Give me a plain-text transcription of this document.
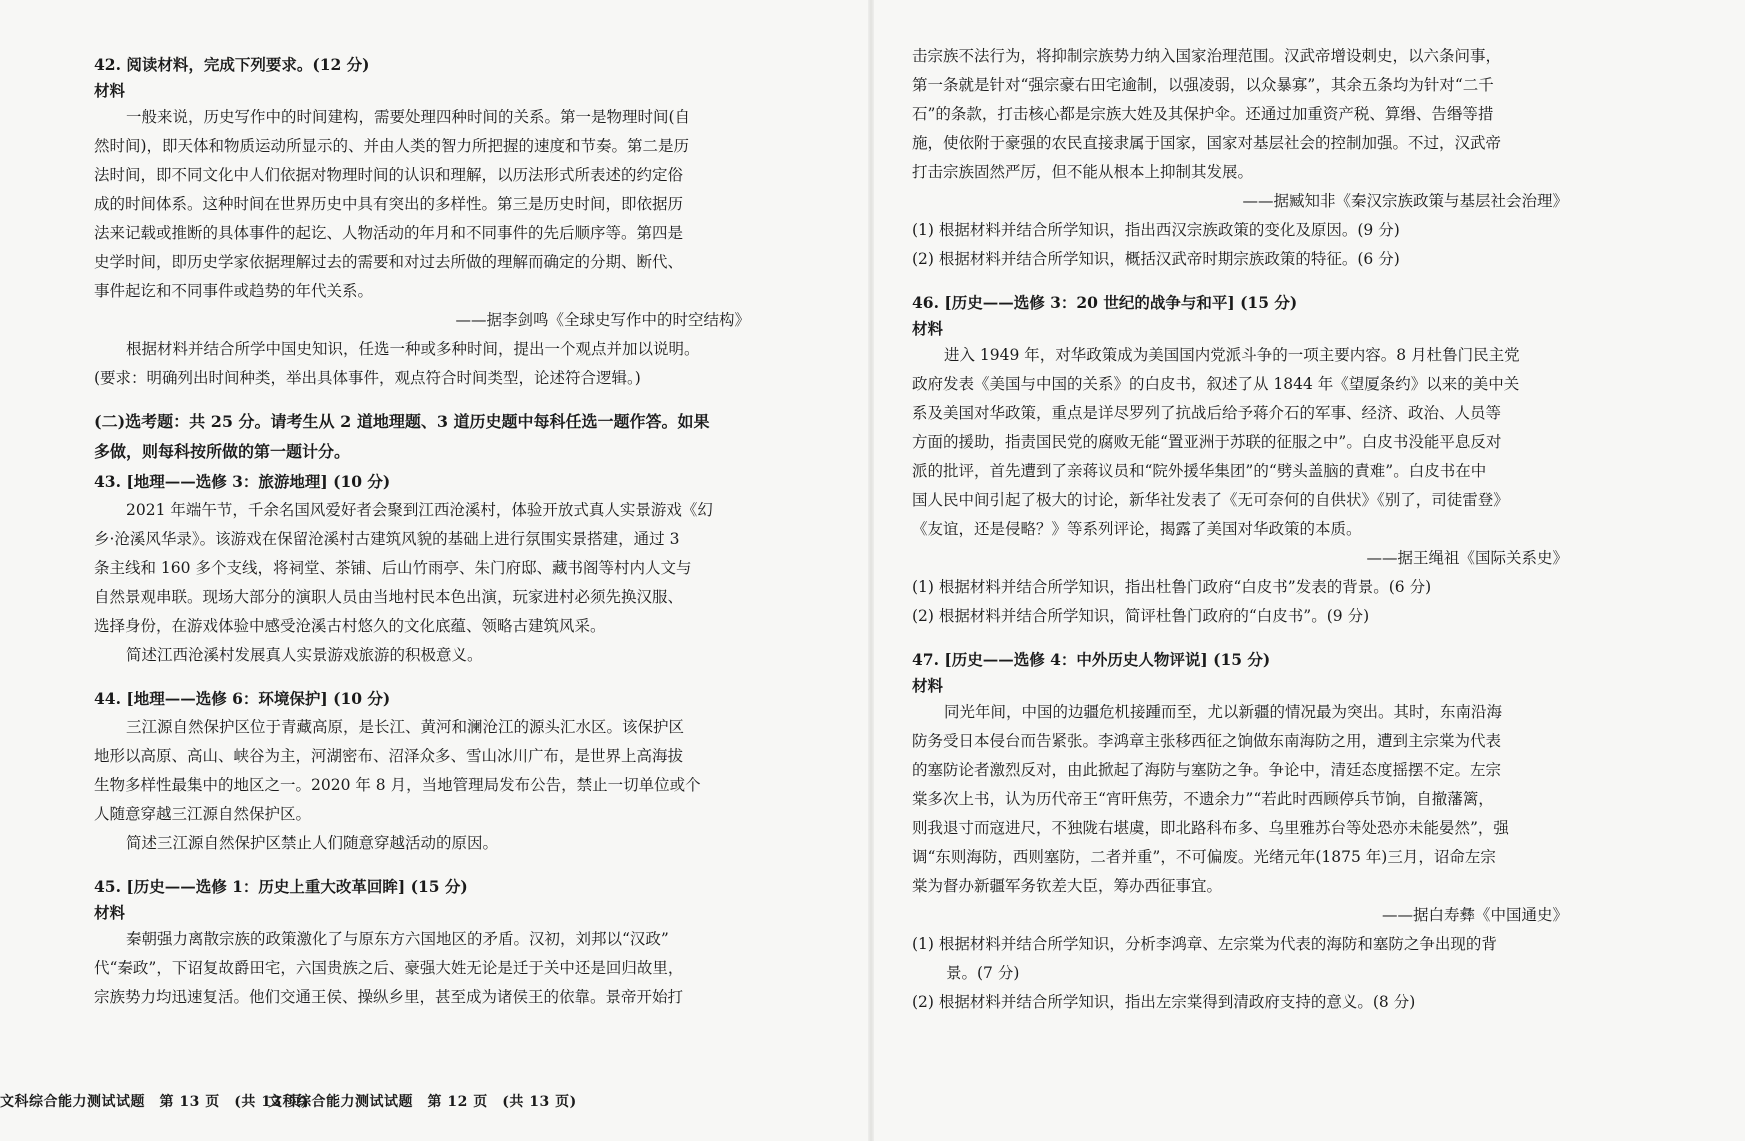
42. 阅读材料，完成下列要求。(12 分)
材料
一般来说，历史写作中的时间建构，需要处理四种时间的关系。第一是物理时间(自
然时间)，即天体和物质运动所显示的、并由人类的智力所把握的速度和节奏。第二是历
法时间，即不同文化中人们依据对物理时间的认识和理解，以历法形式所表述的约定俗
成的时间体系。这种时间在世界历史中具有突出的多样性。第三是历史时间，即依据历
法来记载或推断的具体事件的起讫、人物活动的年月和不同事件的先后顺序等。第四是
史学时间，即历史学家依据理解过去的需要和对过去所做的理解而确定的分期、断代、
事件起讫和不同事件或趋势的年代关系。
——据李剑鸣《全球史写作中的时空结构》
根据材料并结合所学中国史知识，任选一种或多种时间，提出一个观点并加以说明。
(要求：明确列出时间种类，举出具体事件，观点符合时间类型，论述符合逻辑。)
(二)选考题：共 25 分。请考生从 2 道地理题、3 道历史题中每科任选一题作答。如果
多做，则每科按所做的第一题计分。
43. [地理——选修 3：旅游地理] (10 分)
2021 年端午节，千余名国风爱好者会聚到江西沧溪村，体验开放式真人实景游戏《幻
乡·沧溪风华录》。该游戏在保留沧溪村古建筑风貌的基础上进行氛围实景搭建，通过 3
条主线和 160 多个支线，将祠堂、茶铺、后山竹雨亭、朱门府邸、藏书阁等村内人文与
自然景观串联。现场大部分的演职人员由当地村民本色出演，玩家进村必须先换汉服、
选择身份，在游戏体验中感受沧溪古村悠久的文化底蕴、领略古建筑风采。
简述江西沧溪村发展真人实景游戏旅游的积极意义。
44. [地理——选修 6：环境保护] (10 分)
三江源自然保护区位于青藏高原，是长江、黄河和澜沧江的源头汇水区。该保护区
地形以高原、高山、峡谷为主，河湖密布、沼泽众多、雪山冰川广布，是世界上高海拔
生物多样性最集中的地区之一。2020 年 8 月，当地管理局发布公告，禁止一切单位或个
人随意穿越三江源自然保护区。
简述三江源自然保护区禁止人们随意穿越活动的原因。
45. [历史——选修 1：历史上重大改革回眸] (15 分)
材料
秦朝强力离散宗族的政策激化了与原东方六国地区的矛盾。汉初，刘邦以“汉政”
代“秦政”，下诏复故爵田宅，六国贵族之后、豪强大姓无论是迁于关中还是回归故里，
宗族势力均迅速复活。他们交通王侯、操纵乡里，甚至成为诸侯王的依靠。景帝开始打
文科综合能力测试试题　第 12 页　(共 13 页)
击宗族不法行为，将抑制宗族势力纳入国家治理范围。汉武帝增设刺史，以六条问事，
第一条就是针对“强宗豪右田宅逾制，以强凌弱，以众暴寡”，其余五条均为针对“二千
石”的条款，打击核心都是宗族大姓及其保护伞。还通过加重资产税、算缗、告缗等措
施，使依附于豪强的农民直接隶属于国家，国家对基层社会的控制加强。不过，汉武帝
打击宗族固然严厉，但不能从根本上抑制其发展。
——据臧知非《秦汉宗族政策与基层社会治理》
(1) 根据材料并结合所学知识，指出西汉宗族政策的变化及原因。(9 分)
(2) 根据材料并结合所学知识，概括汉武帝时期宗族政策的特征。(6 分)
46. [历史——选修 3：20 世纪的战争与和平] (15 分)
材料
进入 1949 年，对华政策成为美国国内党派斗争的一项主要内容。8 月杜鲁门民主党
政府发表《美国与中国的关系》的白皮书，叙述了从 1844 年《望厦条约》以来的美中关
系及美国对华政策，重点是详尽罗列了抗战后给予蒋介石的军事、经济、政治、人员等
方面的援助，指责国民党的腐败无能“置亚洲于苏联的征服之中”。白皮书没能平息反对
派的批评，首先遭到了亲蒋议员和“院外援华集团”的“劈头盖脑的責难”。白皮书在中
国人民中间引起了极大的讨论，新华社发表了《无可奈何的自供状》《别了，司徒雷登》
《友谊，还是侵略？》等系列评论，揭露了美国对华政策的本质。
——据王绳祖《国际关系史》
(1) 根据材料并结合所学知识，指出杜鲁门政府“白皮书”发表的背景。(6 分)
(2) 根据材料并结合所学知识，简评杜鲁门政府的“白皮书”。(9 分)
47. [历史——选修 4：中外历史人物评说] (15 分)
材料
同光年间，中国的边疆危机接踵而至，尤以新疆的情况最为突出。其时，东南沿海
防务受日本侵台而告紧张。李鸿章主张移西征之饷做东南海防之用，遭到主宗棠为代表
的塞防论者激烈反对，由此掀起了海防与塞防之争。争论中，清廷态度摇摆不定。左宗
棠多次上书，认为历代帝王“宵旰焦劳，不遗余力”“若此时西顾停兵节饷，自撤藩篱，
则我退寸而寇进尺，不独陇右堪虞，即北路科布多、乌里雅苏台等处恐亦未能晏然”，强
调“东则海防，西则塞防，二者并重”，不可偏废。光绪元年(1875 年)三月，诏命左宗
棠为督办新疆军务钦差大臣，筹办西征事宜。
——据白寿彝《中国通史》
(1) 根据材料并结合所学知识，分析李鸿章、左宗棠为代表的海防和塞防之争出现的背
景。(7 分)
(2) 根据材料并结合所学知识，指出左宗棠得到清政府支持的意义。(8 分)
文科综合能力测试试题　第 13 页　(共 13 页)
